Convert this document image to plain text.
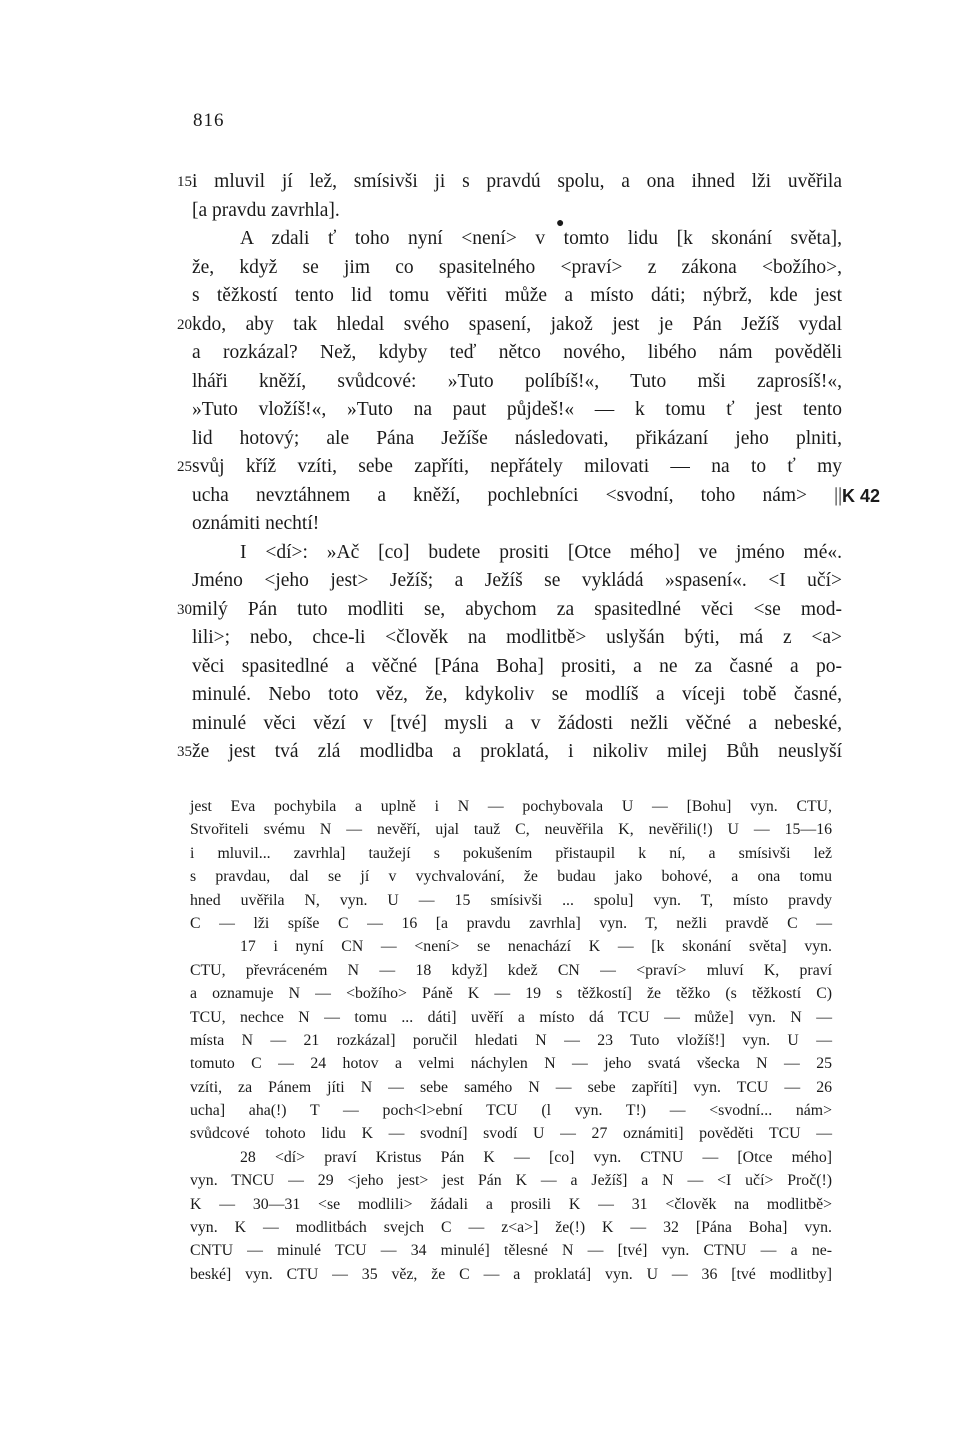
816
15 i mluvil jí lež, smísivši ji s pravdú spolu, a ona ihned lži uvěřila
[a pravdu zavrhla].
●
A zdali ť toho nyní <není> v tomto lidu [k skonání světa],
že, když se jim co spasitelného <praví> z zákona <božího>,
s těžkostí tento lid tomu věřiti může a místo dáti; nýbrž, kde jest
20 kdo, aby tak hledal svého spasení, jakož jest je Pán Ježíš vydal
a rozkázal? Než, kdyby teď nětco nového, libého nám pověděli
lháři kněží, svůdcové: »Tuto políbíš!«, Tuto mši zaprosíš!«,
»Tuto vložíš!«, »Tuto na paut půjdeš!« — k tomu ť jest tento
lid hotový; ale Pána Ježíše následovati, přikázaní jeho plniti,
25 svůj kříž vzíti, sebe zapříti, nepřátely milovati — na to ť my
ucha nevztáhnem a kněží, pochlebníci <svodní, toho nám> || K 42
oznámiti nechtí!
I <dí>: »Ač [co] budete prositi [Otce mého] ve jméno mé«.
Jméno <jeho jest> Ježíš; a Ježíš se vykládá »spasení«. <I učí>
30 milý Pán tuto modliti se, abychom za spasitedlné věci <se mod-
lili>; nebo, chce-li <člověk na modlitbě> uslyšán býti, má z <a>
věci spasitedlné a věčné [Pána Boha] prositi, a ne za časné a po-
minulé. Nebo toto věz, že, kdykoliv se modlíš a víceji tobě časné,
minulé věci vězí v [tvé] mysli a v žádosti nežli věčné a nebeské,
35 že jest tvá zlá modlidba a proklatá, i nikoliv milej Bůh neuslyší
jest Eva pochybila a uplně i N — pochybovala U — [Bohu] vyn. CTU,
Stvořiteli svému N — nevěří, ujal tauž C, neuvěřila K, nevěřili(!) U — 15—16
i mluvil... zavrhla] taužejí s pokušením přistaupil k ní, a smísivši lež
s pravdau, dal se jí v vychvalování, že budau jako bohové, a ona tomu
hned uvěřila N, vyn. U — 15 smísivši ... spolu] vyn. T, místo pravdy
C — lži spíše C — 16 [a pravdu zavrhla] vyn. T, nežli pravdě C —
17 i nyní CN — <není> se nenachází K — [k skonání světa] vyn.
CTU, převráceném N — 18 když] kdež CN — <praví> mluví K, praví
a oznamuje N — <božího> Páně K — 19 s těžkostí] že těžko (s těžkostí C)
TCU, nechce N — tomu ... dáti] uvěří a místo dá TCU — může] vyn. N —
místa N — 21 rozkázal] poručil hledati N — 23 Tuto vložíš!] vyn. U —
tomuto C — 24 hotov a velmi náchylen N — jeho svatá všecka N — 25
vzíti, za Pánem jíti N — sebe samého N — sebe zapříti] vyn. TCU — 26
ucha] aha(!) T — poch<l>ební TCU (l vyn. T!) — <svodní... nám>
svůdcové tohoto lidu K — svodní] svodí U — 27 oznámiti] pověděti TCU —
28 <dí> praví Kristus Pán K — [co] vyn. CTNU — [Otce mého]
vyn. TNCU — 29 <jeho jest> jest Pán K — a Ježíš] a N — <I učí> Proč(!)
K — 30—31 <se modlili> žádali a prosili K — 31 <člověk na modlitbě>
vyn. K — modlitbách svejch C — z<a>] že(!) K — 32 [Pána Boha] vyn.
CNTU — minulé TCU — 34 minulé] tělesné N — [tvé] vyn. CTNU — a ne-
beské] vyn. CTU — 35 věz, že C — a proklatá] vyn. U — 36 [tvé modlitby]
